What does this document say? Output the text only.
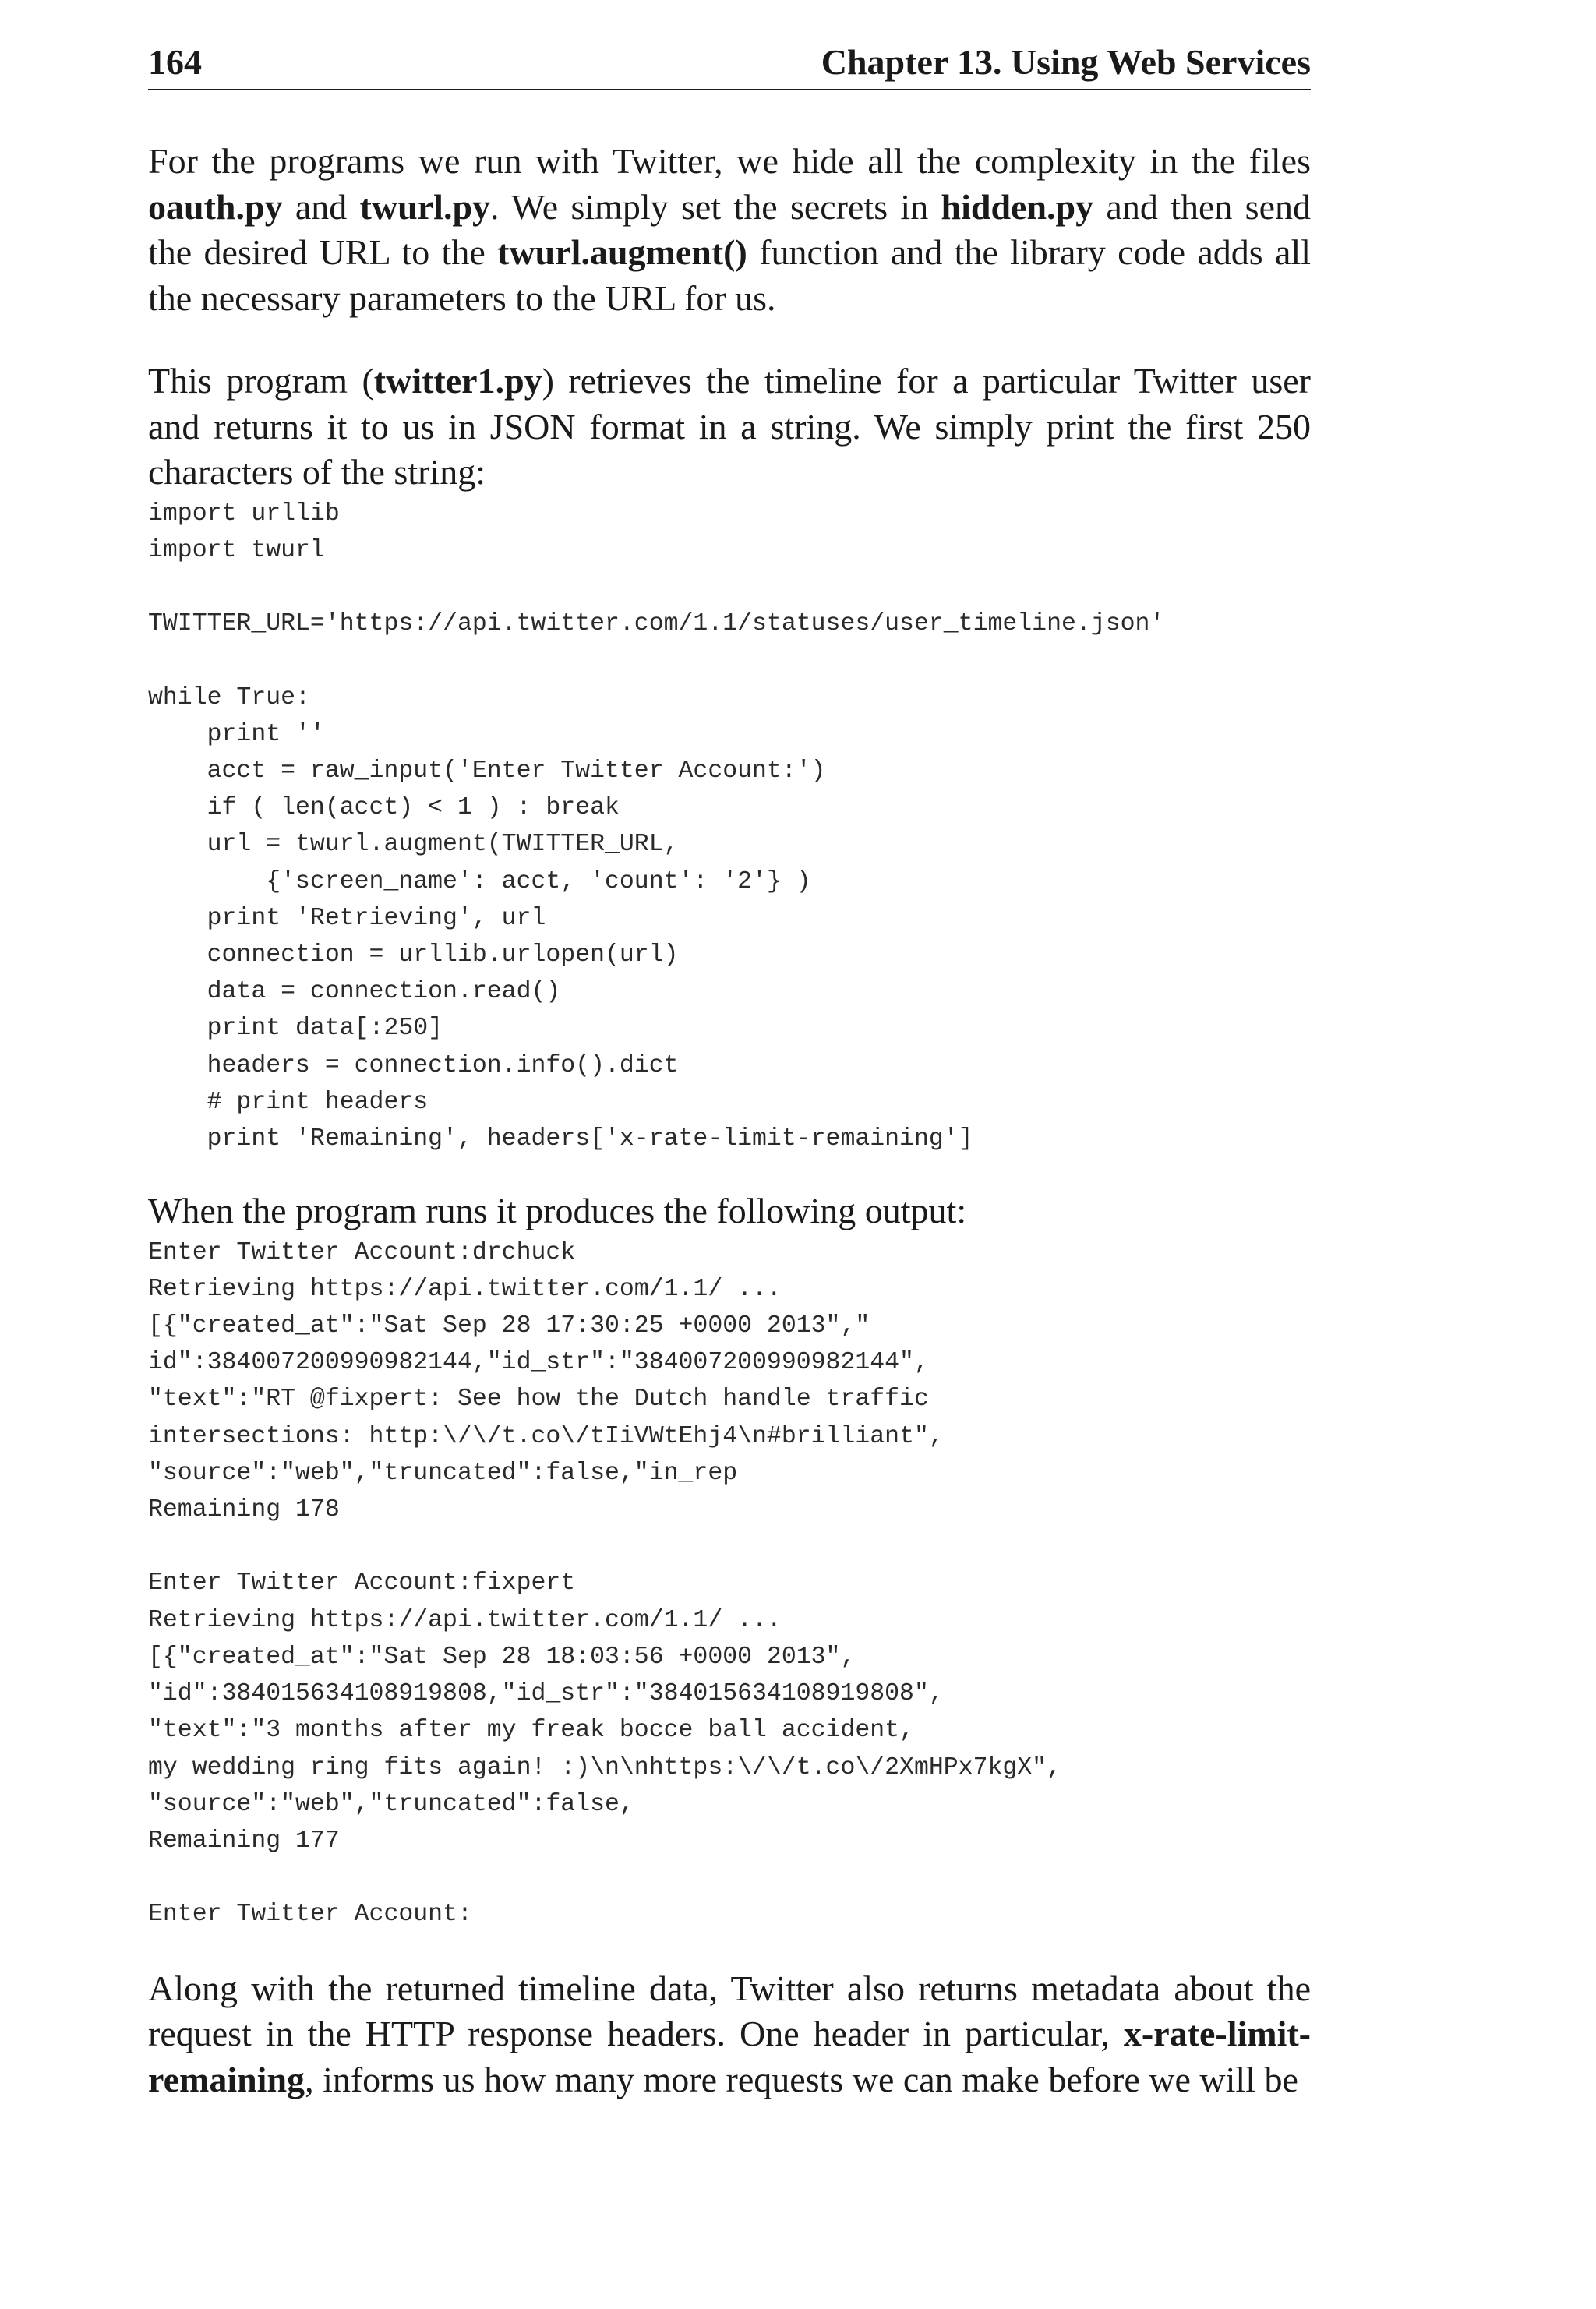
164	Chapter 13. Using Web Services

For the programs we run with Twitter, we hide all the complexity in the files oauth.py and twurl.py. We simply set the secrets in hidden.py and then send the desired URL to the twurl.augment() function and the library code adds all the necessary parameters to the URL for us.

This program (twitter1.py) retrieves the timeline for a particular Twitter user and returns it to us in JSON format in a string. We simply print the first 250 characters of the string:

import urllib
import twurl

TWITTER_URL='https://api.twitter.com/1.1/statuses/user_timeline.json'

while True:
print ''
acct = raw_input('Enter Twitter Account:')
if ( len(acct) < 1 ) : break
url = twurl.augment(TWITTER_URL,
{'screen_name': acct, 'count': '2'} )
print 'Retrieving', url
connection = urllib.urlopen(url)
data = connection.read()
print data[:250]
headers = connection.info().dict
# print headers
print 'Remaining', headers['x-rate-limit-remaining']

When the program runs it produces the following output:

Enter Twitter Account:drchuck
Retrieving https://api.twitter.com/1.1/ ...
[{"created_at":"Sat Sep 28 17:30:25 +0000 2013","
id":384007200990982144,"id_str":"384007200990982144",
"text":"RT @fixpert: See how the Dutch handle traffic
intersections: http:\/\/t.co\/tIiVWtEhj4\n#brilliant",
"source":"web","truncated":false,"in_rep
Remaining 178

Enter Twitter Account:fixpert
Retrieving https://api.twitter.com/1.1/ ...
[{"created_at":"Sat Sep 28 18:03:56 +0000 2013",
"id":384015634108919808,"id_str":"384015634108919808",
"text":"3 months after my freak bocce ball accident,
my wedding ring fits again! :)\n\nhttps:\/\/t.co\/2XmHPx7kgX",
"source":"web","truncated":false,
Remaining 177

Enter Twitter Account:

Along with the returned timeline data, Twitter also returns metadata about the request in the HTTP response headers. One header in particular, x-rate-limit-remaining, informs us how many more requests we can make before we will be
